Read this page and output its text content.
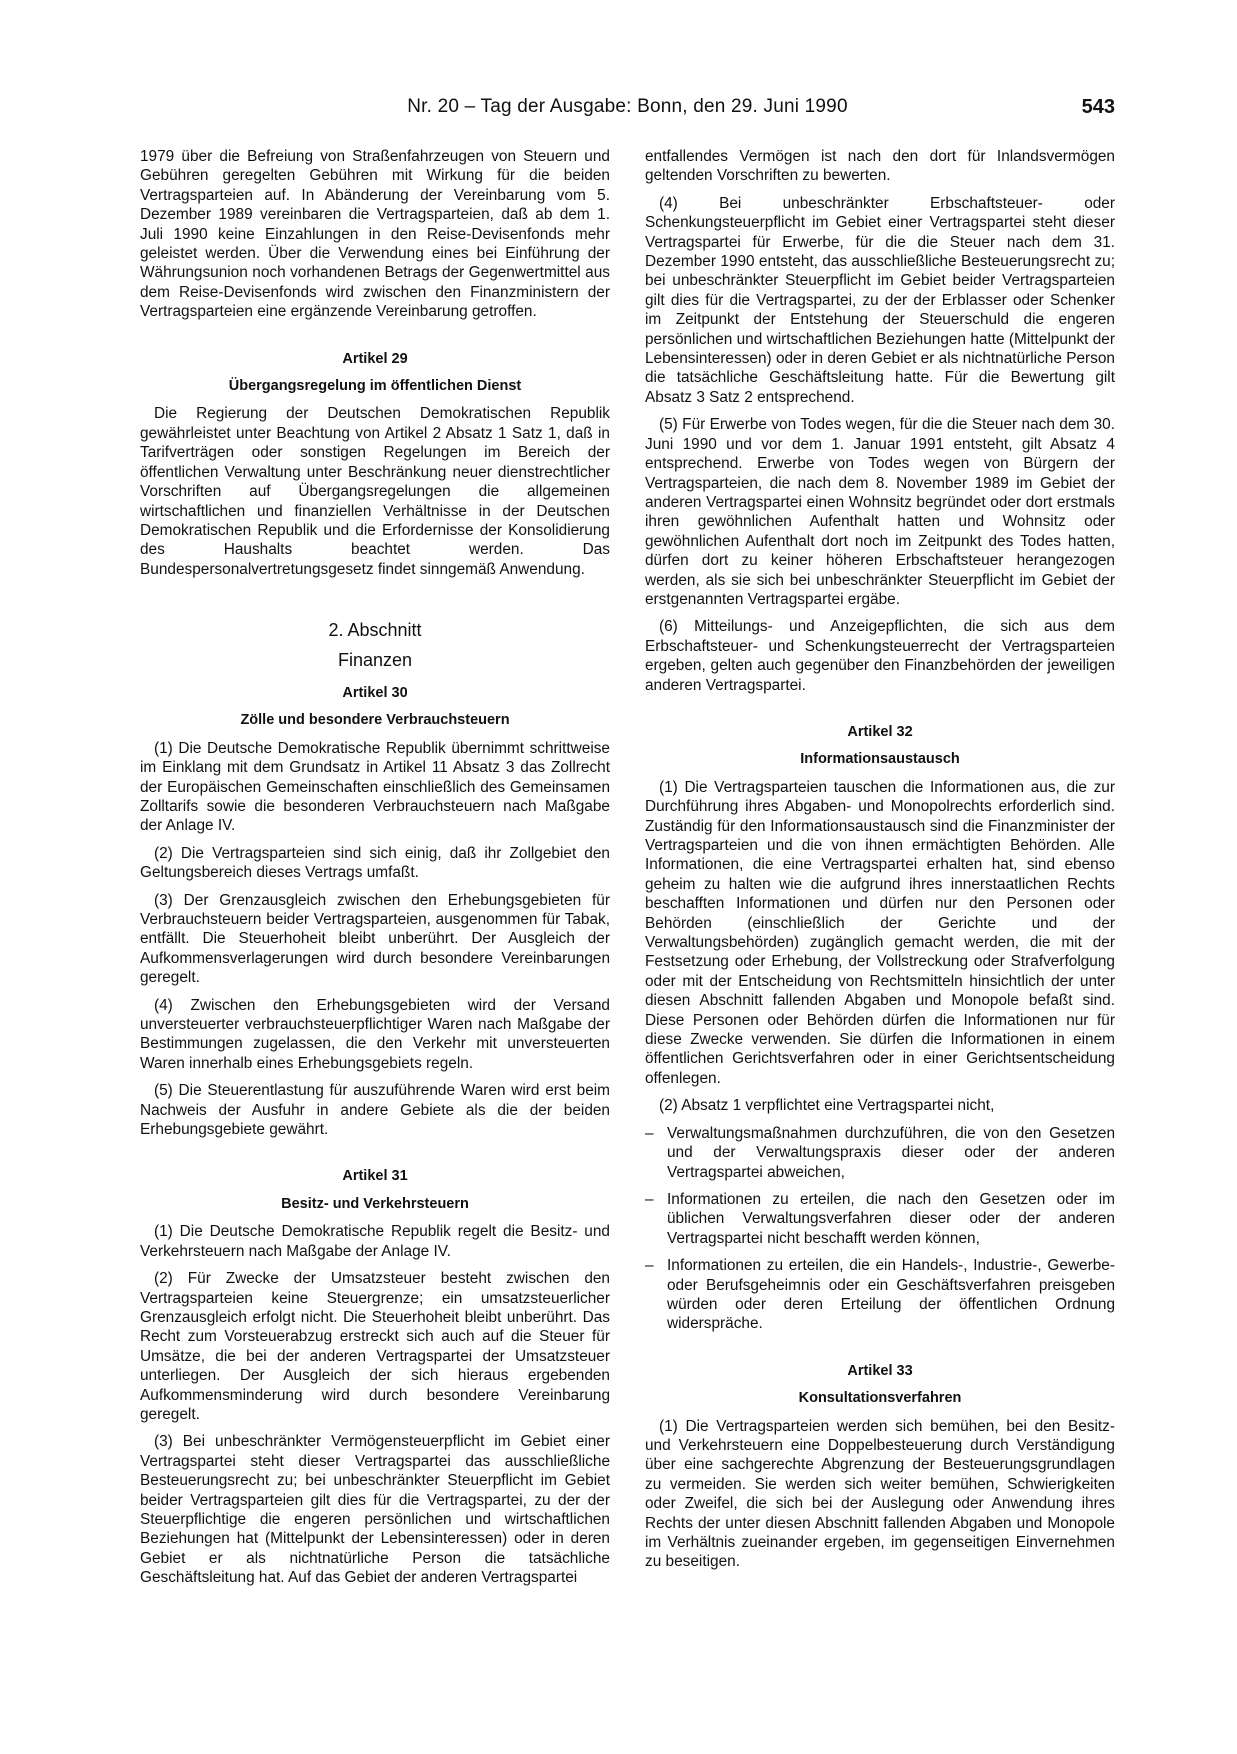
Nr. 20 – Tag der Ausgabe: Bonn, den 29. Juni 1990	543

1979 über die Befreiung von Straßenfahrzeugen von Steuern und Gebühren geregelten Gebühren mit Wirkung für die beiden Vertragsparteien auf. In Abänderung der Vereinbarung vom 5. Dezember 1989 vereinbaren die Vertragsparteien, daß ab dem 1. Juli 1990 keine Einzahlungen in den Reise-Devisenfonds mehr geleistet werden. Über die Verwendung eines bei Einführung der Währungsunion noch vorhandenen Betrags der Gegenwertmittel aus dem Reise-Devisenfonds wird zwischen den Finanzministern der Vertragsparteien eine ergänzende Vereinbarung getroffen.

Artikel 29
Übergangsregelung im öffentlichen Dienst

Die Regierung der Deutschen Demokratischen Republik gewährleistet unter Beachtung von Artikel 2 Absatz 1 Satz 1, daß in Tarifverträgen oder sonstigen Regelungen im Bereich der öffentlichen Verwaltung unter Beschränkung neuer dienstrechtlicher Vorschriften auf Übergangsregelungen die allgemeinen wirtschaftlichen und finanziellen Verhältnisse in der Deutschen Demokratischen Republik und die Erfordernisse der Konsolidierung des Haushalts beachtet werden. Das Bundespersonalvertretungsgesetz findet sinngemäß Anwendung.

2. Abschnitt
Finanzen
Artikel 30
Zölle und besondere Verbrauchsteuern

(1) Die Deutsche Demokratische Republik übernimmt schrittweise im Einklang mit dem Grundsatz in Artikel 11 Absatz 3 das Zollrecht der Europäischen Gemeinschaften einschließlich des Gemeinsamen Zolltarifs sowie die besonderen Verbrauchsteuern nach Maßgabe der Anlage IV.

(2) Die Vertragsparteien sind sich einig, daß ihr Zollgebiet den Geltungsbereich dieses Vertrags umfaßt.

(3) Der Grenzausgleich zwischen den Erhebungsgebieten für Verbrauchsteuern beider Vertragsparteien, ausgenommen für Tabak, entfällt. Die Steuerhoheit bleibt unberührt. Der Ausgleich der Aufkommensverlagerungen wird durch besondere Vereinbarungen geregelt.

(4) Zwischen den Erhebungsgebieten wird der Versand unversteuerter verbrauchsteuerpflichtiger Waren nach Maßgabe der Bestimmungen zugelassen, die den Verkehr mit unversteuerten Waren innerhalb eines Erhebungsgebiets regeln.

(5) Die Steuerentlastung für auszuführende Waren wird erst beim Nachweis der Ausfuhr in andere Gebiete als die der beiden Erhebungsgebiete gewährt.

Artikel 31
Besitz- und Verkehrsteuern

(1) Die Deutsche Demokratische Republik regelt die Besitz- und Verkehrsteuern nach Maßgabe der Anlage IV.

(2) Für Zwecke der Umsatzsteuer besteht zwischen den Vertragsparteien keine Steuergrenze; ein umsatzsteuerlicher Grenzausgleich erfolgt nicht. Die Steuerhoheit bleibt unberührt. Das Recht zum Vorsteuerabzug erstreckt sich auch auf die Steuer für Umsätze, die bei der anderen Vertragspartei der Umsatzsteuer unterliegen. Der Ausgleich der sich hieraus ergebenden Aufkommensminderung wird durch besondere Vereinbarung geregelt.

(3) Bei unbeschränkter Vermögensteuerpflicht im Gebiet einer Vertragspartei steht dieser Vertragspartei das ausschließliche Besteuerungsrecht zu; bei unbeschränkter Steuerpflicht im Gebiet beider Vertragsparteien gilt dies für die Vertragspartei, zu der der Steuerpflichtige die engeren persönlichen und wirtschaftlichen Beziehungen hat (Mittelpunkt der Lebensinteressen) oder in deren Gebiet er als nichtnatürliche Person die tatsächliche Geschäftsleitung hat. Auf das Gebiet der anderen Vertragspartei

entfallendes Vermögen ist nach den dort für Inlandsvermögen geltenden Vorschriften zu bewerten.

(4) Bei unbeschränkter Erbschaftsteuer- oder Schenkungsteuerpflicht im Gebiet einer Vertragspartei steht dieser Vertragspartei für Erwerbe, für die die Steuer nach dem 31. Dezember 1990 entsteht, das ausschließliche Besteuerungsrecht zu; bei unbeschränkter Steuerpflicht im Gebiet beider Vertragsparteien gilt dies für die Vertragspartei, zu der der Erblasser oder Schenker im Zeitpunkt der Entstehung der Steuerschuld die engeren persönlichen und wirtschaftlichen Beziehungen hatte (Mittelpunkt der Lebensinteressen) oder in deren Gebiet er als nichtnatürliche Person die tatsächliche Geschäftsleitung hatte. Für die Bewertung gilt Absatz 3 Satz 2 entsprechend.

(5) Für Erwerbe von Todes wegen, für die die Steuer nach dem 30. Juni 1990 und vor dem 1. Januar 1991 entsteht, gilt Absatz 4 entsprechend. Erwerbe von Todes wegen von Bürgern der Vertragsparteien, die nach dem 8. November 1989 im Gebiet der anderen Vertragspartei einen Wohnsitz begründet oder dort erstmals ihren gewöhnlichen Aufenthalt hatten und Wohnsitz oder gewöhnlichen Aufenthalt dort noch im Zeitpunkt des Todes hatten, dürfen dort zu keiner höheren Erbschaftsteuer herangezogen werden, als sie sich bei unbeschränkter Steuerpflicht im Gebiet der erstgenannten Vertragspartei ergäbe.

(6) Mitteilungs- und Anzeigepflichten, die sich aus dem Erbschaftsteuer- und Schenkungsteuerrecht der Vertragsparteien ergeben, gelten auch gegenüber den Finanzbehörden der jeweiligen anderen Vertragspartei.

Artikel 32
Informationsaustausch

(1) Die Vertragsparteien tauschen die Informationen aus, die zur Durchführung ihres Abgaben- und Monopolrechts erforderlich sind. Zuständig für den Informationsaustausch sind die Finanzminister der Vertragsparteien und die von ihnen ermächtigten Behörden. Alle Informationen, die eine Vertragspartei erhalten hat, sind ebenso geheim zu halten wie die aufgrund ihres innerstaatlichen Rechts beschafften Informationen und dürfen nur den Personen oder Behörden (einschließlich der Gerichte und der Verwaltungsbehörden) zugänglich gemacht werden, die mit der Festsetzung oder Erhebung, der Vollstreckung oder Strafverfolgung oder mit der Entscheidung von Rechtsmitteln hinsichtlich der unter diesen Abschnitt fallenden Abgaben und Monopole befaßt sind. Diese Personen oder Behörden dürfen die Informationen nur für diese Zwecke verwenden. Sie dürfen die Informationen in einem öffentlichen Gerichtsverfahren oder in einer Gerichtsentscheidung offenlegen.

(2) Absatz 1 verpflichtet eine Vertragspartei nicht,

– Verwaltungsmaßnahmen durchzuführen, die von den Gesetzen und der Verwaltungspraxis dieser oder der anderen Vertragspartei abweichen,
– Informationen zu erteilen, die nach den Gesetzen oder im üblichen Verwaltungsverfahren dieser oder der anderen Vertragspartei nicht beschafft werden können,
– Informationen zu erteilen, die ein Handels-, Industrie-, Gewerbe- oder Berufsgeheimnis oder ein Geschäftsverfahren preisgeben würden oder deren Erteilung der öffentlichen Ordnung widerspräche.
Artikel 33
Konsultationsverfahren

(1) Die Vertragsparteien werden sich bemühen, bei den Besitz- und Verkehrsteuern eine Doppelbesteuerung durch Verständigung über eine sachgerechte Abgrenzung der Besteuerungsgrundlagen zu vermeiden. Sie werden sich weiter bemühen, Schwierigkeiten oder Zweifel, die sich bei der Auslegung oder Anwendung ihres Rechts der unter diesen Abschnitt fallenden Abgaben und Monopole im Verhältnis zueinander ergeben, im gegenseitigen Einvernehmen zu beseitigen.
